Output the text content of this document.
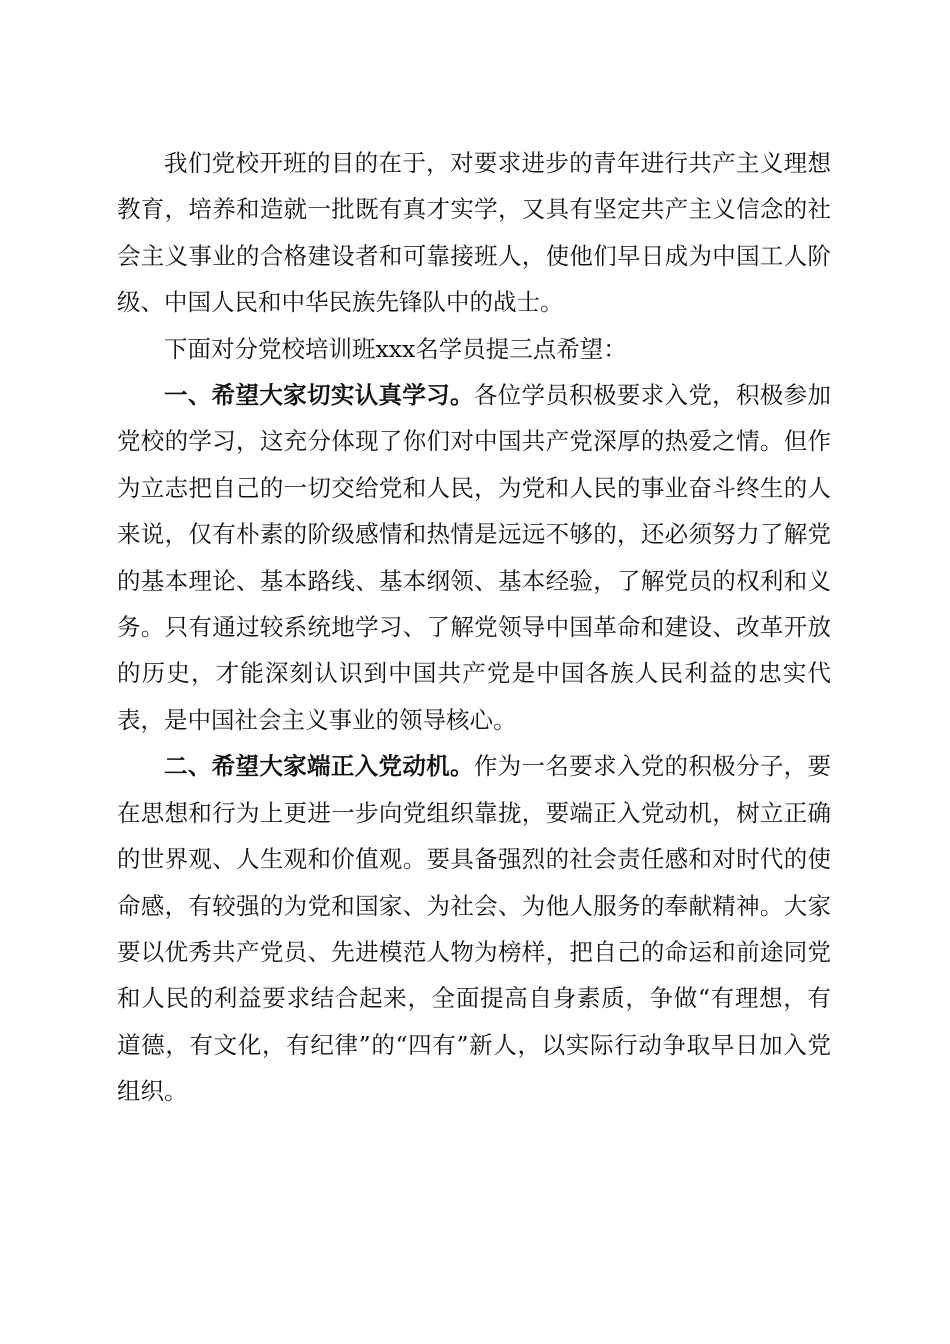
我们党校开班的目的在于，对要求进步的青年进行共产主义理想教育，培养和造就一批既有真才实学，又具有坚定共产主义信念的社会主义事业的合格建设者和可靠接班人，使他们早日成为中国工人阶级、中国人民和中华民族先锋队中的战士。

下面对分党校培训班xxx名学员提三点希望：

一、希望大家切实认真学习。各位学员积极要求入党，积极参加党校的学习，这充分体现了你们对中国共产党深厚的热爱之情。但作为立志把自己的一切交给党和人民，为党和人民的事业奋斗终生的人来说，仅有朴素的阶级感情和热情是远远不够的，还必须努力了解党的基本理论、基本路线、基本纲领、基本经验，了解党员的权利和义务。只有通过较系统地学习、了解党领导中国革命和建设、改革开放的历史，才能深刻认识到中国共产党是中国各族人民利益的忠实代表，是中国社会主义事业的领导核心。

二、希望大家端正入党动机。作为一名要求入党的积极分子，要在思想和行为上更进一步向党组织靠拢，要端正入党动机，树立正确的世界观、人生观和价值观。要具备强烈的社会责任感和对时代的使命感，有较强的为党和国家、为社会、为他人服务的奉献精神。大家要以优秀共产党员、先进模范人物为榜样，把自己的命运和前途同党和人民的利益要求结合起来，全面提高自身素质，争做“有理想，有道德，有文化，有纪律”的“四有”新人，以实际行动争取早日加入党组织。
